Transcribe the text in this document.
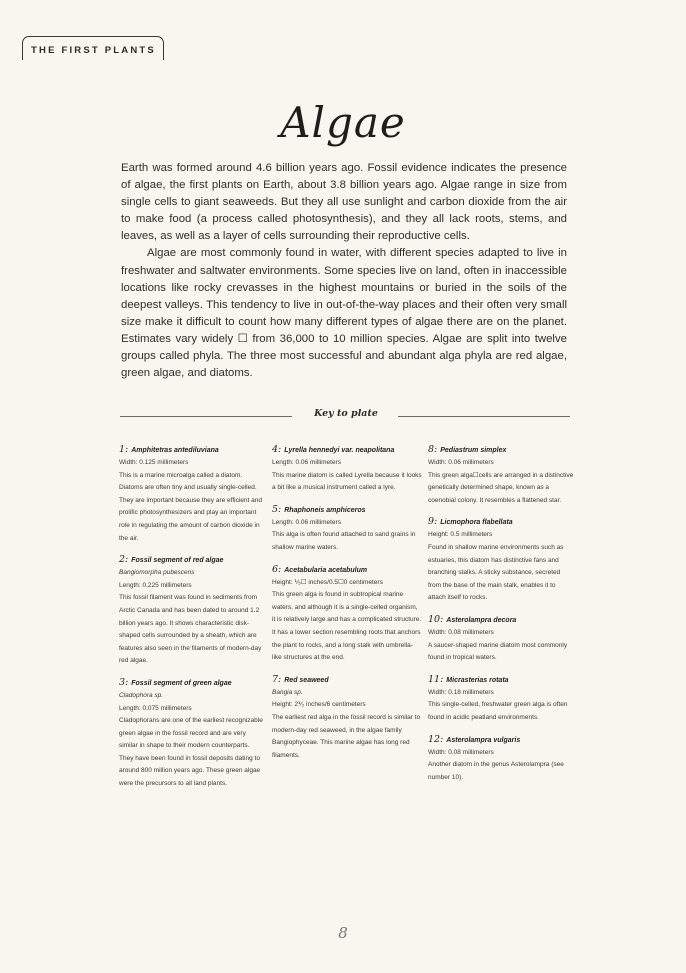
THE FIRST PLANTS
Algae

Earth was formed around 4.6 billion years ago. Fossil evidence indicates the presence of algae, the first plants on Earth, about 3.8 billion years ago. Algae range in size from single cells to giant seaweeds. But they all use sunlight and carbon dioxide from the air to make food (a process called photosynthesis), and they all lack roots, stems, and leaves, as well as a layer of cells surrounding their reproductive cells.

Algae are most commonly found in water, with different species adapted to live in freshwater and saltwater environments. Some species live on land, often in inaccessible locations like rocky crevasses in the highest mountains or buried in the soils of the deepest valleys. This tendency to live in out-of-the-way places and their often very small size make it difficult to count how many different types of algae there are on the planet. Estimates vary widely ☐ from 36,000 to 10 million species. Algae are split into twelve groups called phyla. The three most successful and abundant alga phyla are red algae, green algae, and diatoms.

Key to plate
1: Amphitetras antediluviana
Width: 0.125 millimeters
This is a marine microalga called a diatom. Diatoms are often tiny and usually single-celled. They are important because they are efficient and prolific photosynthesizers and play an important role in regulating the amount of carbon dioxide in the air.
2: Fossil segment of red algae
Bangiomorpha pubescens
Length: 0.225 millimeters
This fossil filament was found in sediments from Arctic Canada and has been dated to around 1.2 billion years ago. It shows characteristic disk-shaped cells surrounded by a sheath, which are features also seen in the filaments of modern-day red algae.
3: Fossil segment of green algae
Cladophora sp.
Length: 0.075 millimeters
Cladophorans are one of the earliest recognizable green algae in the fossil record and are very similar in shape to their modern counterparts. They have been found in fossil deposits dating to around 800 million years ago. These green algae were the precursors to all land plants.
4: Lyrella hennedyi var. neapolitana
Length: 0.06 millimeters
This marine diatom is called Lyrella because it looks a bit like a musical instrument called a lyre.
5: Rhaphoneis amphiceros
Length: 0.06 millimeters
This alga is often found attached to sand grains in shallow marine waters.
6: Acetabularia acetabulum
Height: ⅟₅☐ inches/0.5☐0 centimeters
This green alga is found in subtropical marine waters, and although it is a single-celled organism, it is relatively large and has a complicated structure. It has a lower section resembling roots that anchors the plant to rocks, and a long stalk with umbrella-like structures at the end.
7: Red seaweed
Bangia sp.
Height: 2⅟₂ inches/6 centimeters
The earliest red alga in the fossil record is similar to modern-day red seaweed, in the algae family Bangiophyceae. This marine algae has long red filaments.
8: Pediastrum simplex
Width: 0.06 millimeters
This green alga☐cells are arranged in a distinctive genetically determined shape, known as a coenobial colony. It resembles a flattened star.
9: Licmophora flabellata
Height: 0.5 millimeters
Found in shallow marine environments such as estuaries, this diatom has distinctive fans and branching stalks. A sticky substance, secreted from the base of the main stalk, enables it to attach itself to rocks.
10: Asterolampra decora
Width: 0.08 millimeters
A saucer-shaped marine diatom most commonly found in tropical waters.
11: Micrasterias rotata
Width: 0.18 millimeters
This single-celled, freshwater green alga is often found in acidic peatland environments.
12: Asterolampra vulgaris
Width: 0.08 millimeters
Another diatom in the genus Asterolampra (see number 10).
8
